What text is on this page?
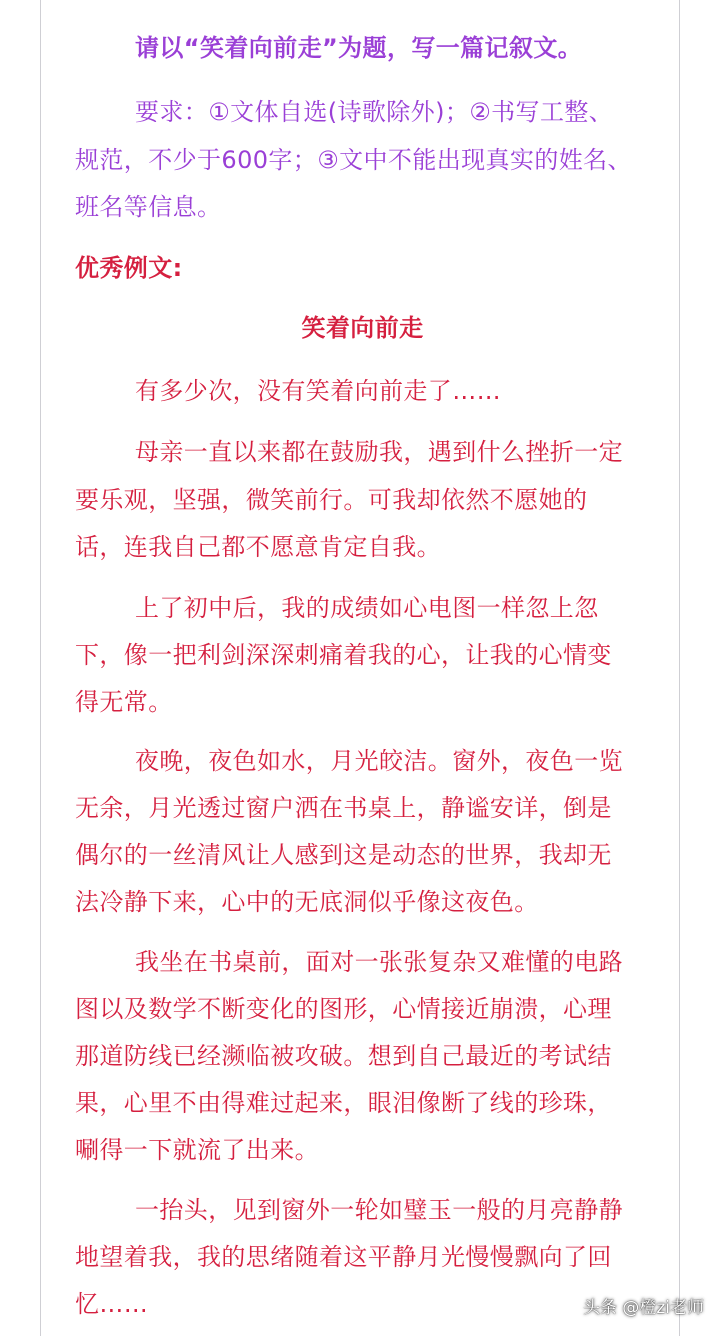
请以“笑着向前走”为题，写一篇记叙文。
要求：①文体自选(诗歌除外)；②书写工整、
规范，不少于600字；③文中不能出现真实的姓名、
班名等信息。
优秀例文:
笑着向前走
有多少次，没有笑着向前走了……
母亲一直以来都在鼓励我，遇到什么挫折一定
要乐观，坚强，微笑前行。可我却依然不愿她的
话，连我自己都不愿意肯定自我。
上了初中后，我的成绩如心电图一样忽上忽
下，像一把利剑深深刺痛着我的心，让我的心情变
得无常。
夜晚，夜色如水，月光皎洁。窗外，夜色一览
无余，月光透过窗户洒在书桌上，静谧安详，倒是
偶尔的一丝清风让人感到这是动态的世界，我却无
法冷静下来，心中的无底洞似乎像这夜色。
我坐在书桌前，面对一张张复杂又难懂的电路
图以及数学不断变化的图形，心情接近崩溃，心理
那道防线已经濒临被攻破。想到自己最近的考试结
果，心里不由得难过起来，眼泪像断了线的珍珠，
唰得一下就流了出来。
一抬头，见到窗外一轮如璧玉一般的月亮静静
地望着我，我的思绪随着这平静月光慢慢飘向了回
忆……	头条 @橙zi老师
